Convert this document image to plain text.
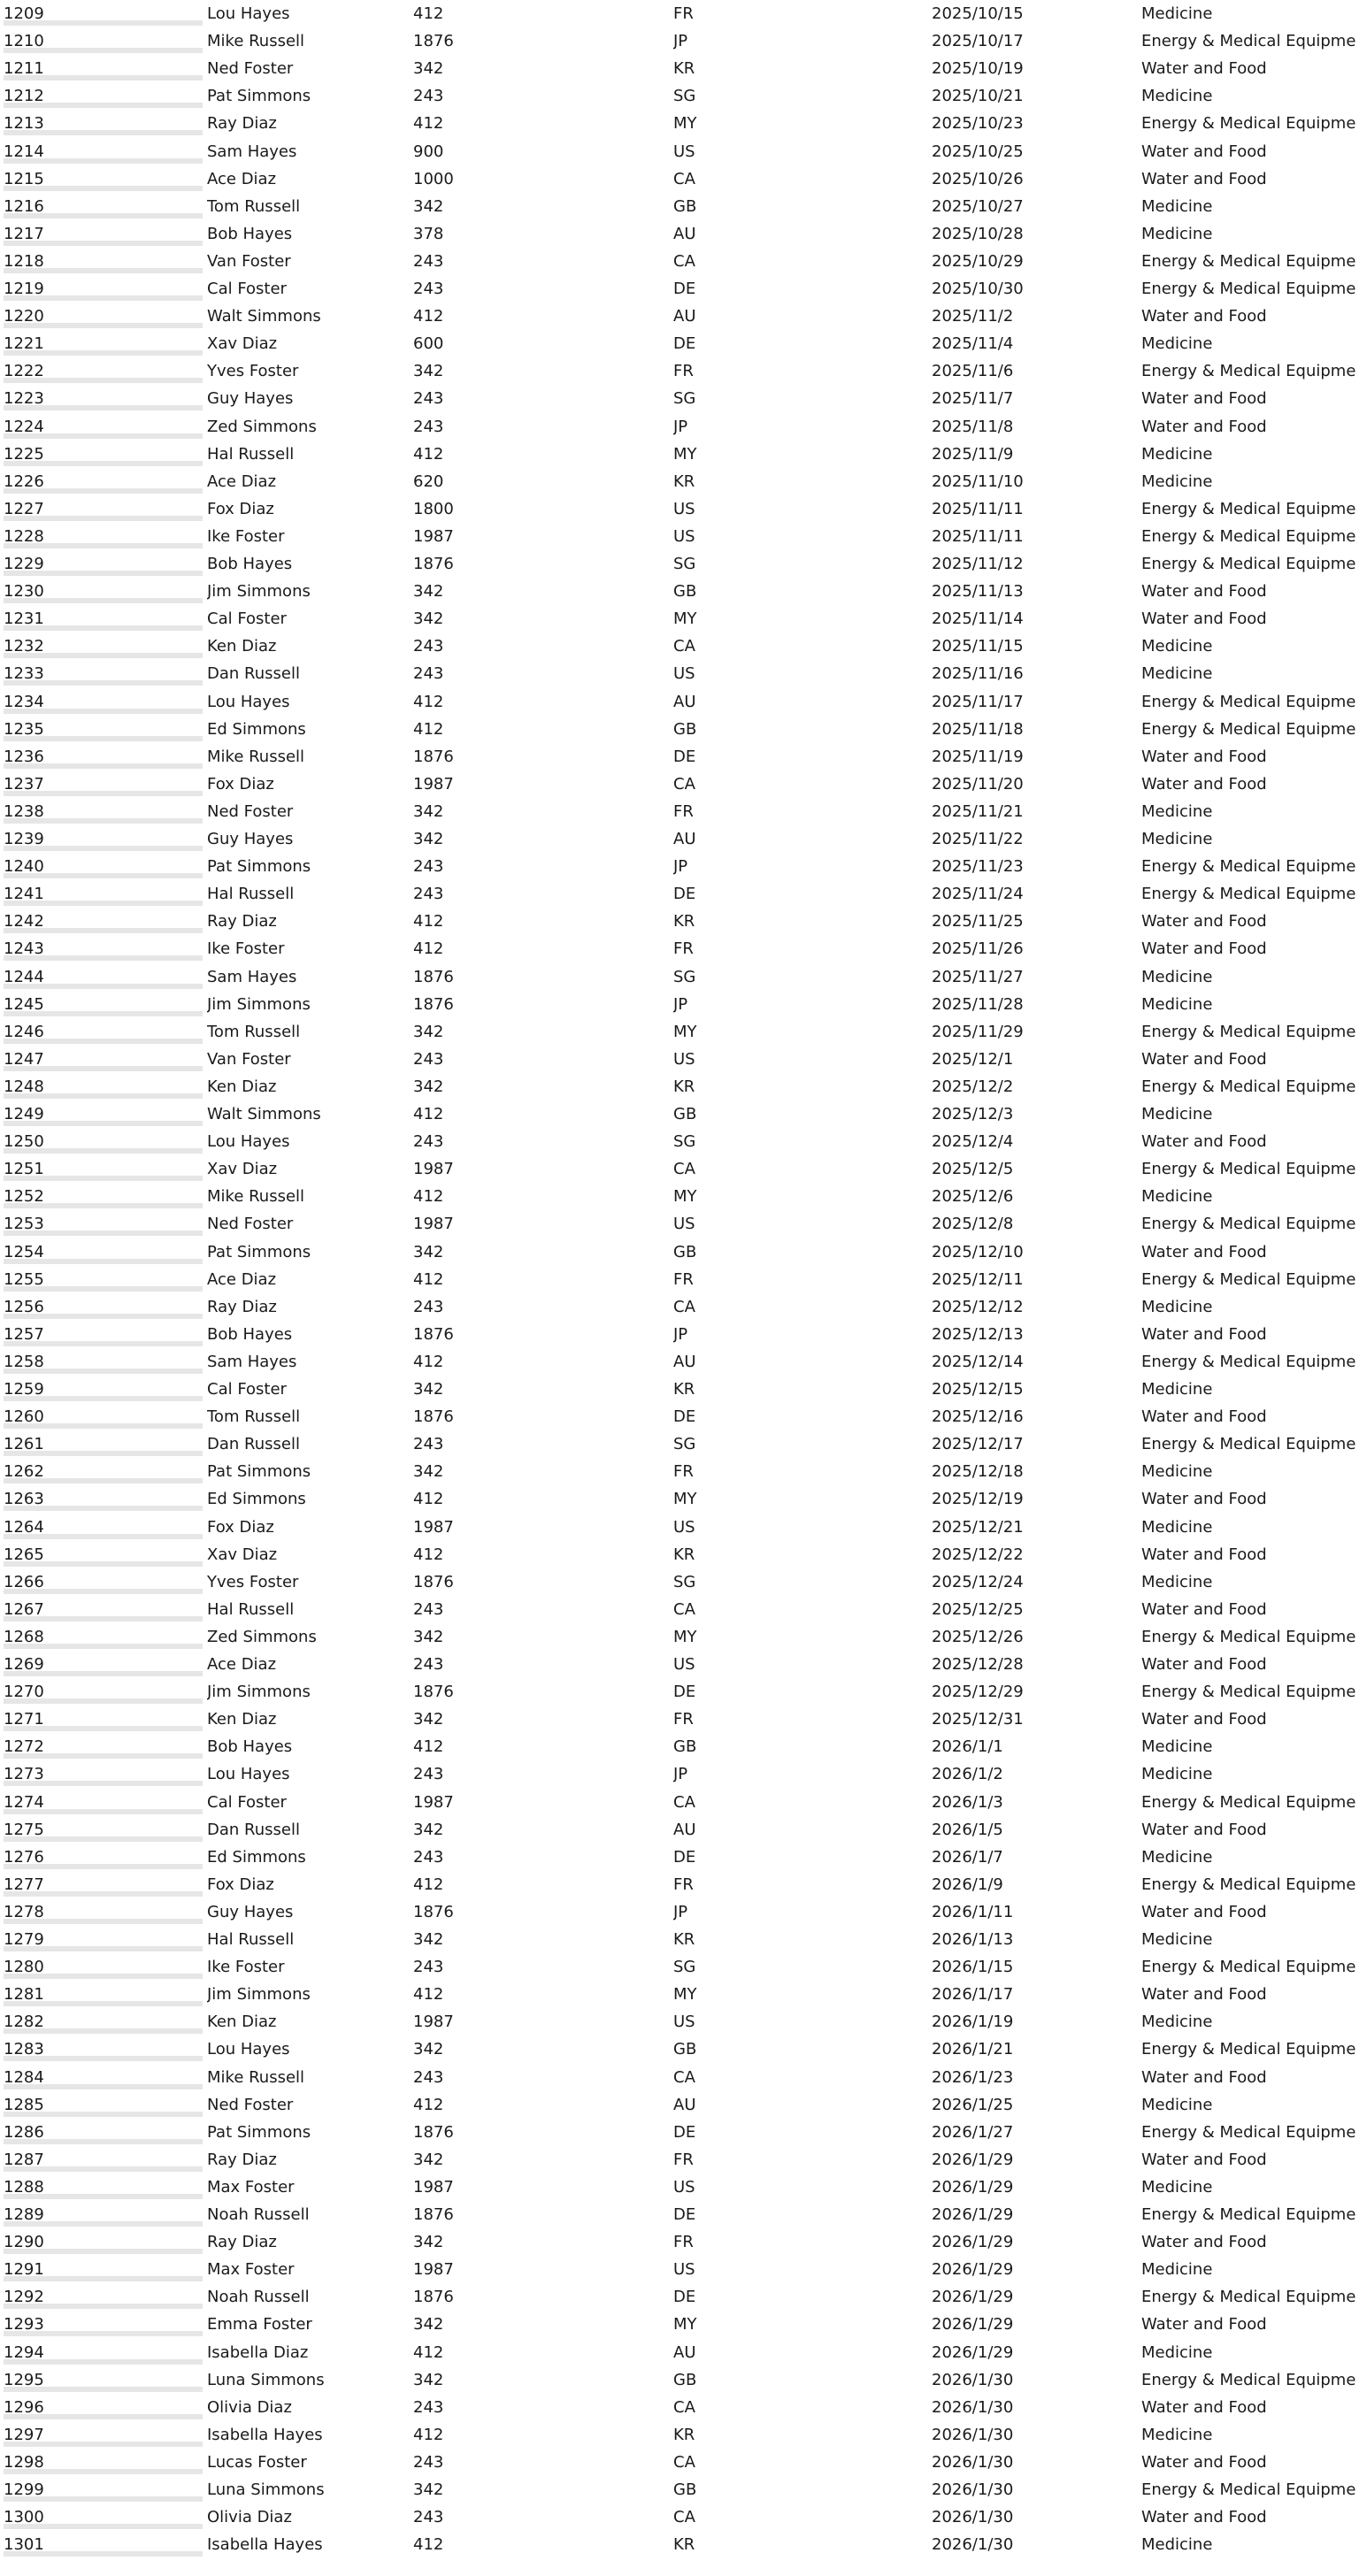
1209	Lou Hayes	412	FR	2025/10/15	Medicine
1210	Mike Russell	1876	JP	2025/10/17	Energy & Medical Equipme
1211	Ned Foster	342	KR	2025/10/19	Water and Food
1212	Pat Simmons	243	SG	2025/10/21	Medicine
1213	Ray Diaz	412	MY	2025/10/23	Energy & Medical Equipme
1214	Sam Hayes	900	US	2025/10/25	Water and Food
1215	Ace Diaz	1000	CA	2025/10/26	Water and Food
1216	Tom Russell	342	GB	2025/10/27	Medicine
1217	Bob Hayes	378	AU	2025/10/28	Medicine
1218	Van Foster	243	CA	2025/10/29	Energy & Medical Equipme
1219	Cal Foster	243	DE	2025/10/30	Energy & Medical Equipme
1220	Walt Simmons	412	AU	2025/11/2	Water and Food
1221	Xav Diaz	600	DE	2025/11/4	Medicine
1222	Yves Foster	342	FR	2025/11/6	Energy & Medical Equipme
1223	Guy Hayes	243	SG	2025/11/7	Water and Food
1224	Zed Simmons	243	JP	2025/11/8	Water and Food
1225	Hal Russell	412	MY	2025/11/9	Medicine
1226	Ace Diaz	620	KR	2025/11/10	Medicine
1227	Fox Diaz	1800	US	2025/11/11	Energy & Medical Equipme
1228	Ike Foster	1987	US	2025/11/11	Energy & Medical Equipme
1229	Bob Hayes	1876	SG	2025/11/12	Energy & Medical Equipme
1230	Jim Simmons	342	GB	2025/11/13	Water and Food
1231	Cal Foster	342	MY	2025/11/14	Water and Food
1232	Ken Diaz	243	CA	2025/11/15	Medicine
1233	Dan Russell	243	US	2025/11/16	Medicine
1234	Lou Hayes	412	AU	2025/11/17	Energy & Medical Equipme
1235	Ed Simmons	412	GB	2025/11/18	Energy & Medical Equipme
1236	Mike Russell	1876	DE	2025/11/19	Water and Food
1237	Fox Diaz	1987	CA	2025/11/20	Water and Food
1238	Ned Foster	342	FR	2025/11/21	Medicine
1239	Guy Hayes	342	AU	2025/11/22	Medicine
1240	Pat Simmons	243	JP	2025/11/23	Energy & Medical Equipme
1241	Hal Russell	243	DE	2025/11/24	Energy & Medical Equipme
1242	Ray Diaz	412	KR	2025/11/25	Water and Food
1243	Ike Foster	412	FR	2025/11/26	Water and Food
1244	Sam Hayes	1876	SG	2025/11/27	Medicine
1245	Jim Simmons	1876	JP	2025/11/28	Medicine
1246	Tom Russell	342	MY	2025/11/29	Energy & Medical Equipme
1247	Van Foster	243	US	2025/12/1	Water and Food
1248	Ken Diaz	342	KR	2025/12/2	Energy & Medical Equipme
1249	Walt Simmons	412	GB	2025/12/3	Medicine
1250	Lou Hayes	243	SG	2025/12/4	Water and Food
1251	Xav Diaz	1987	CA	2025/12/5	Energy & Medical Equipme
1252	Mike Russell	412	MY	2025/12/6	Medicine
1253	Ned Foster	1987	US	2025/12/8	Energy & Medical Equipme
1254	Pat Simmons	342	GB	2025/12/10	Water and Food
1255	Ace Diaz	412	FR	2025/12/11	Energy & Medical Equipme
1256	Ray Diaz	243	CA	2025/12/12	Medicine
1257	Bob Hayes	1876	JP	2025/12/13	Water and Food
1258	Sam Hayes	412	AU	2025/12/14	Energy & Medical Equipme
1259	Cal Foster	342	KR	2025/12/15	Medicine
1260	Tom Russell	1876	DE	2025/12/16	Water and Food
1261	Dan Russell	243	SG	2025/12/17	Energy & Medical Equipme
1262	Pat Simmons	342	FR	2025/12/18	Medicine
1263	Ed Simmons	412	MY	2025/12/19	Water and Food
1264	Fox Diaz	1987	US	2025/12/21	Medicine
1265	Xav Diaz	412	KR	2025/12/22	Water and Food
1266	Yves Foster	1876	SG	2025/12/24	Medicine
1267	Hal Russell	243	CA	2025/12/25	Water and Food
1268	Zed Simmons	342	MY	2025/12/26	Energy & Medical Equipme
1269	Ace Diaz	243	US	2025/12/28	Water and Food
1270	Jim Simmons	1876	DE	2025/12/29	Energy & Medical Equipme
1271	Ken Diaz	342	FR	2025/12/31	Water and Food
1272	Bob Hayes	412	GB	2026/1/1	Medicine
1273	Lou Hayes	243	JP	2026/1/2	Medicine
1274	Cal Foster	1987	CA	2026/1/3	Energy & Medical Equipme
1275	Dan Russell	342	AU	2026/1/5	Water and Food
1276	Ed Simmons	243	DE	2026/1/7	Medicine
1277	Fox Diaz	412	FR	2026/1/9	Energy & Medical Equipme
1278	Guy Hayes	1876	JP	2026/1/11	Water and Food
1279	Hal Russell	342	KR	2026/1/13	Medicine
1280	Ike Foster	243	SG	2026/1/15	Energy & Medical Equipme
1281	Jim Simmons	412	MY	2026/1/17	Water and Food
1282	Ken Diaz	1987	US	2026/1/19	Medicine
1283	Lou Hayes	342	GB	2026/1/21	Energy & Medical Equipme
1284	Mike Russell	243	CA	2026/1/23	Water and Food
1285	Ned Foster	412	AU	2026/1/25	Medicine
1286	Pat Simmons	1876	DE	2026/1/27	Energy & Medical Equipme
1287	Ray Diaz	342	FR	2026/1/29	Water and Food
1288	Max Foster	1987	US	2026/1/29	Medicine
1289	Noah Russell	1876	DE	2026/1/29	Energy & Medical Equipme
1290	Ray Diaz	342	FR	2026/1/29	Water and Food
1291	Max Foster	1987	US	2026/1/29	Medicine
1292	Noah Russell	1876	DE	2026/1/29	Energy & Medical Equipme
1293	Emma Foster	342	MY	2026/1/29	Water and Food
1294	Isabella Diaz	412	AU	2026/1/29	Medicine
1295	Luna Simmons	342	GB	2026/1/30	Energy & Medical Equipme
1296	Olivia Diaz	243	CA	2026/1/30	Water and Food
1297	Isabella Hayes	412	KR	2026/1/30	Medicine
1298	Lucas Foster	243	CA	2026/1/30	Water and Food
1299	Luna Simmons	342	GB	2026/1/30	Energy & Medical Equipme
1300	Olivia Diaz	243	CA	2026/1/30	Water and Food
1301	Isabella Hayes	412	KR	2026/1/30	Medicine
